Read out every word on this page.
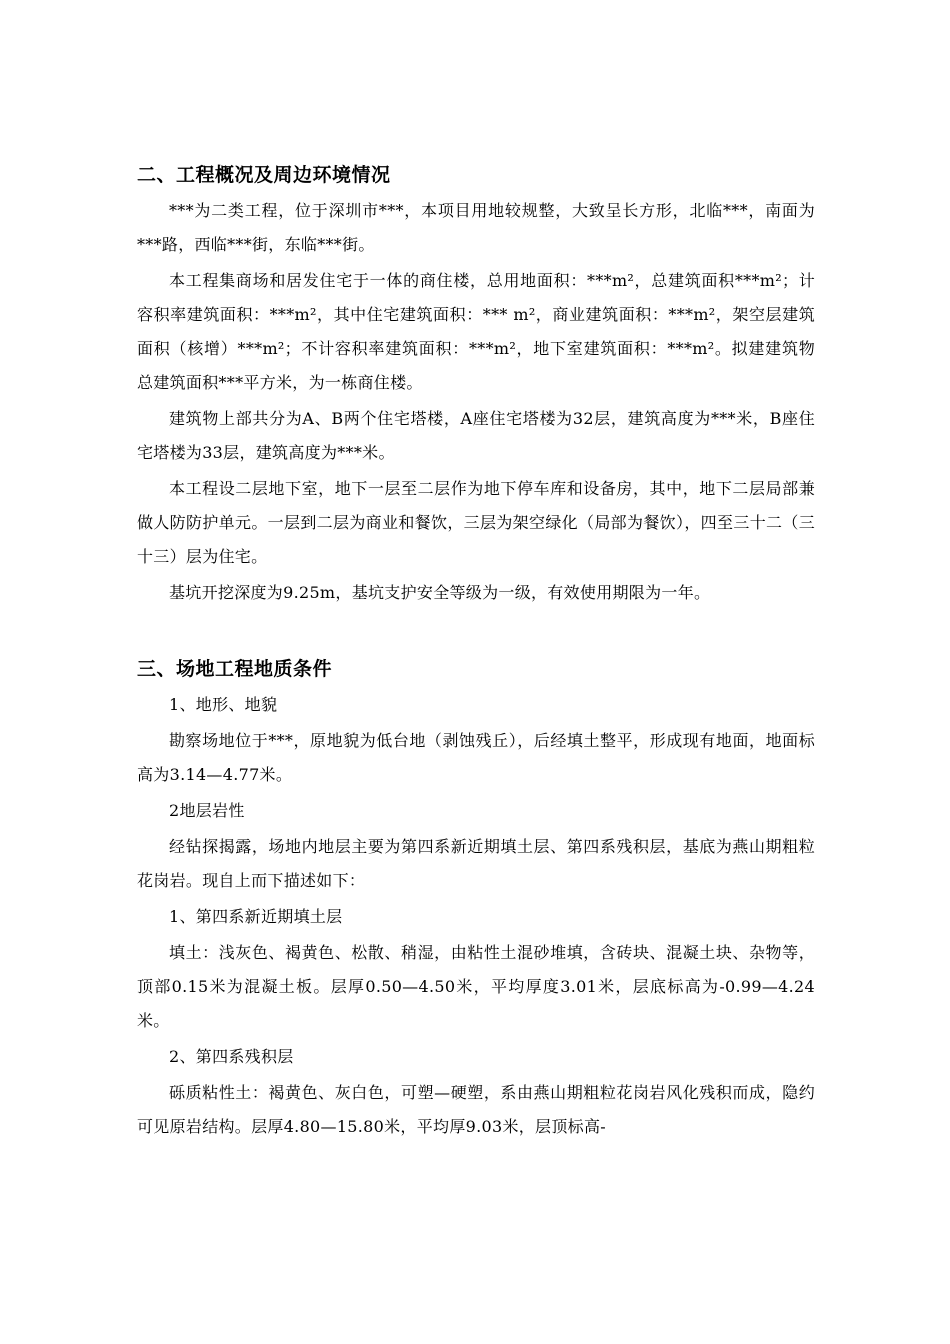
二、工程概况及周边环境情况

***为二类工程，位于深圳市***，本项目用地较规整，大致呈长方形，北临***，南面为***路，西临***街，东临***街。

本工程集商场和居发住宅于一体的商住楼，总用地面积：***m²，总建筑面积***m²；计容积率建筑面积：***m²，其中住宅建筑面积：*** m²，商业建筑面积：***m²，架空层建筑面积（核增）***m²；不计容积率建筑面积：***m²，地下室建筑面积：***m²。拟建建筑物总建筑面积***平方米，为一栋商住楼。

建筑物上部共分为A、B两个住宅塔楼，A座住宅塔楼为32层，建筑高度为***米，B座住宅塔楼为33层，建筑高度为***米。

本工程设二层地下室，地下一层至二层作为地下停车库和设备房，其中，地下二层局部兼做人防防护单元。一层到二层为商业和餐饮，三层为架空绿化（局部为餐饮），四至三十二（三十三）层为住宅。

基坑开挖深度为9.25m，基坑支护安全等级为一级，有效使用期限为一年。

三、场地工程地质条件

1、地形、地貌

勘察场地位于***，原地貌为低台地（剥蚀残丘），后经填土整平，形成现有地面，地面标高为3.14—4.77米。

2地层岩性

经钻探揭露，场地内地层主要为第四系新近期填土层、第四系残积层，基底为燕山期粗粒花岗岩。现自上而下描述如下：

1、第四系新近期填土层

填土：浅灰色、褐黄色、松散、稍湿，由粘性土混砂堆填，含砖块、混凝土块、杂物等，顶部0.15米为混凝土板。层厚0.50—4.50米，平均厚度3.01米，层底标高为-0.99—4.24米。

2、第四系残积层

砾质粘性土：褐黄色、灰白色，可塑—硬塑，系由燕山期粗粒花岗岩风化残积而成，隐约可见原岩结构。层厚4.80—15.80米，平均厚9.03米，层顶标高-
